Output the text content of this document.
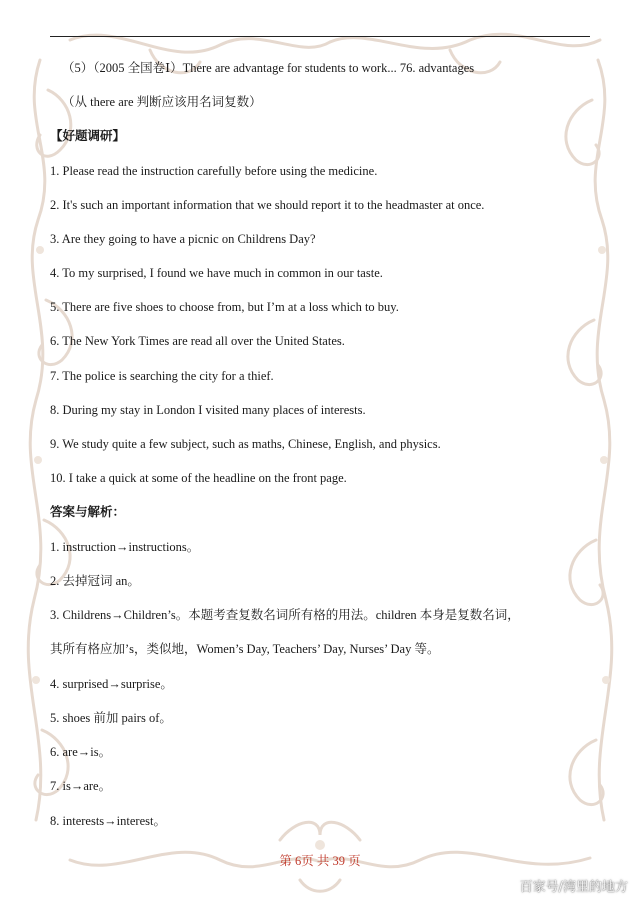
（5）（2005 全国卷Ⅰ）There are advantage for students to work... 76. advantages
（从 there are 判断应该用名词复数）
【好题调研】
1. Please read the instruction carefully before using the medicine.
2. It's such an important information that we should report it to the headmaster at once.
3. Are they going to have a picnic on Childrens Day?
4. To my surprised, I found we have much in common in our taste.
5. There are five shoes to choose from, but I’m at a loss which to buy.
6. The New York Times are read all over the United States.
7. The police is searching the city for a thief.
8. During my stay in London I visited many places of interests.
9. We study quite a few subject, such as maths, Chinese, English, and physics.
10. I take a quick at some of the headline on the front page.
答案与解析：
1. instruction→instructions。
2. 去掉冠词 an。
3. Childrens→Children’s。本题考查复数名词所有格的用法。children 本身是复数名词，
其所有格应加’s，类似地，Women’s Day, Teachers’ Day, Nurses’ Day 等。
4. surprised→surprise。
5. shoes 前加 pairs of。
6. are→is。
7. is→are。
8. interests→interest。
第 6页 共 39 页
百家号/湾里的地方
